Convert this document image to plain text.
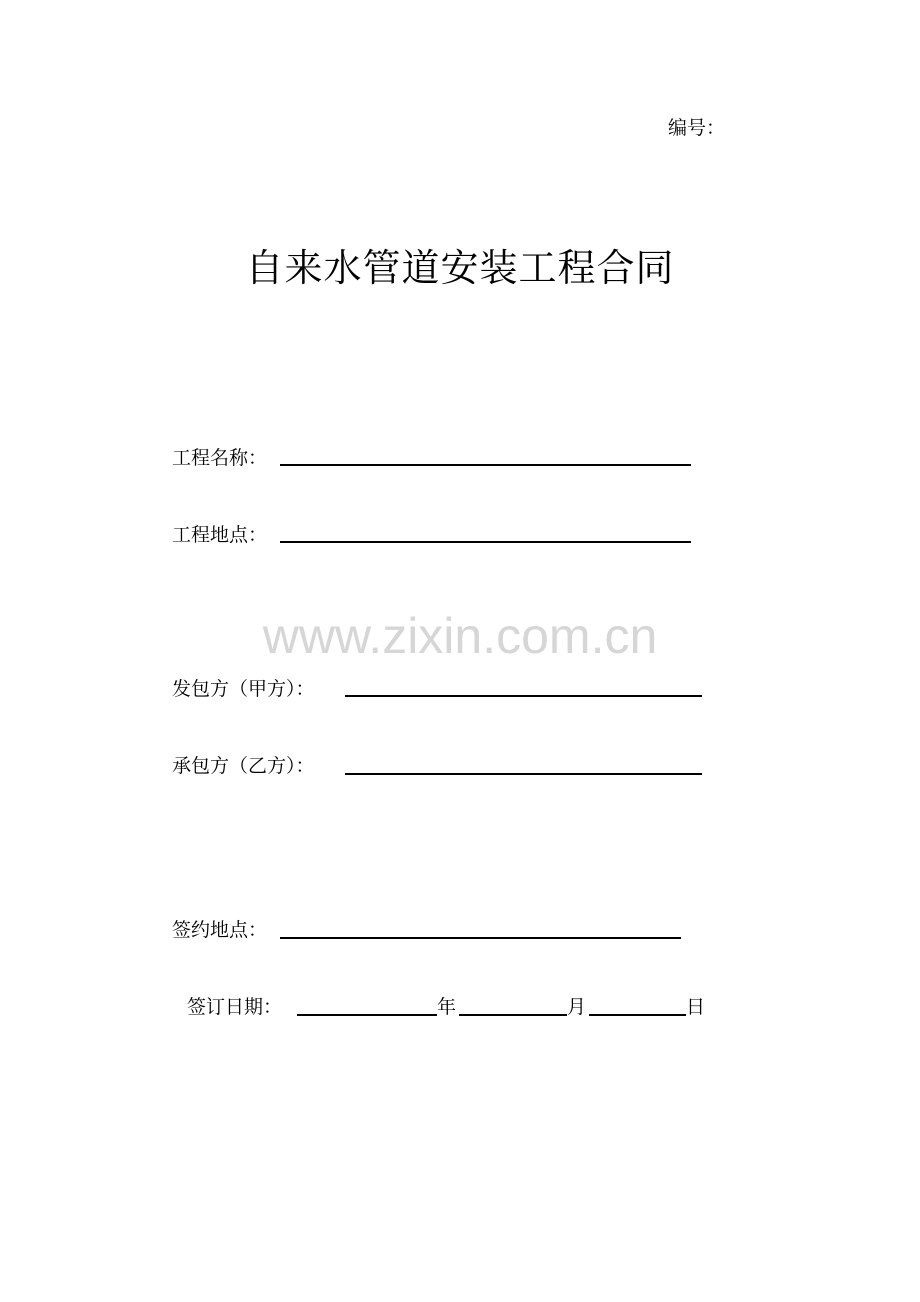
编号：
自来水管道安装工程合同
工程名称：
工程地点：
www.zixin.com.cn
发包方（甲方）：
承包方（乙方）：
签约地点：
签订日期：	年	月	日
